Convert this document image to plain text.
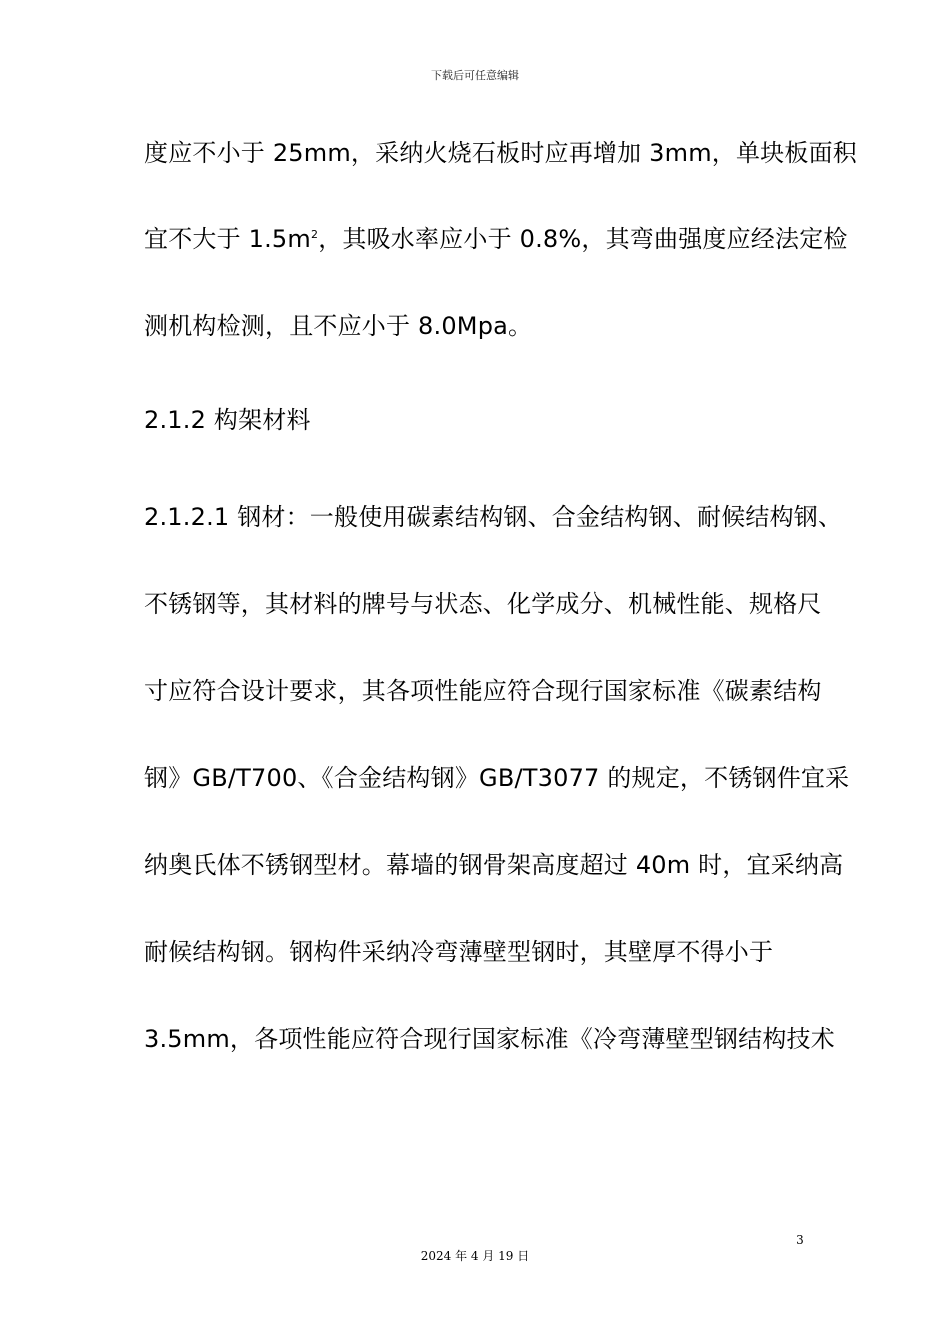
下载后可任意编辑
度应不小于 25mm，采纳火烧石板时应再增加 3mm，单块板面积
宜不大于 $1.5m^2$，其吸水率应小于 0.8%，其弯曲强度应经法定检
测机构检测，且不应小于 8.0Mpa。
2.1.2 构架材料
2.1.2.1 钢材：一般使用碳素结构钢、合金结构钢、耐候结构钢、
不锈钢等，其材料的牌号与状态、化学成分、机械性能、规格尺
寸应符合设计要求，其各项性能应符合现行国家标准《碳素结构
钢》GB/T700、《合金结构钢》GB/T3077 的规定，不锈钢件宜采
纳奥氏体不锈钢型材。幕墙的钢骨架高度超过 40m 时，宜采纳高
耐候结构钢。钢构件采纳冷弯薄壁型钢时，其壁厚不得小于
3.5mm，各项性能应符合现行国家标准《冷弯薄壁型钢结构技术
3
2024 年 4 月 19 日
